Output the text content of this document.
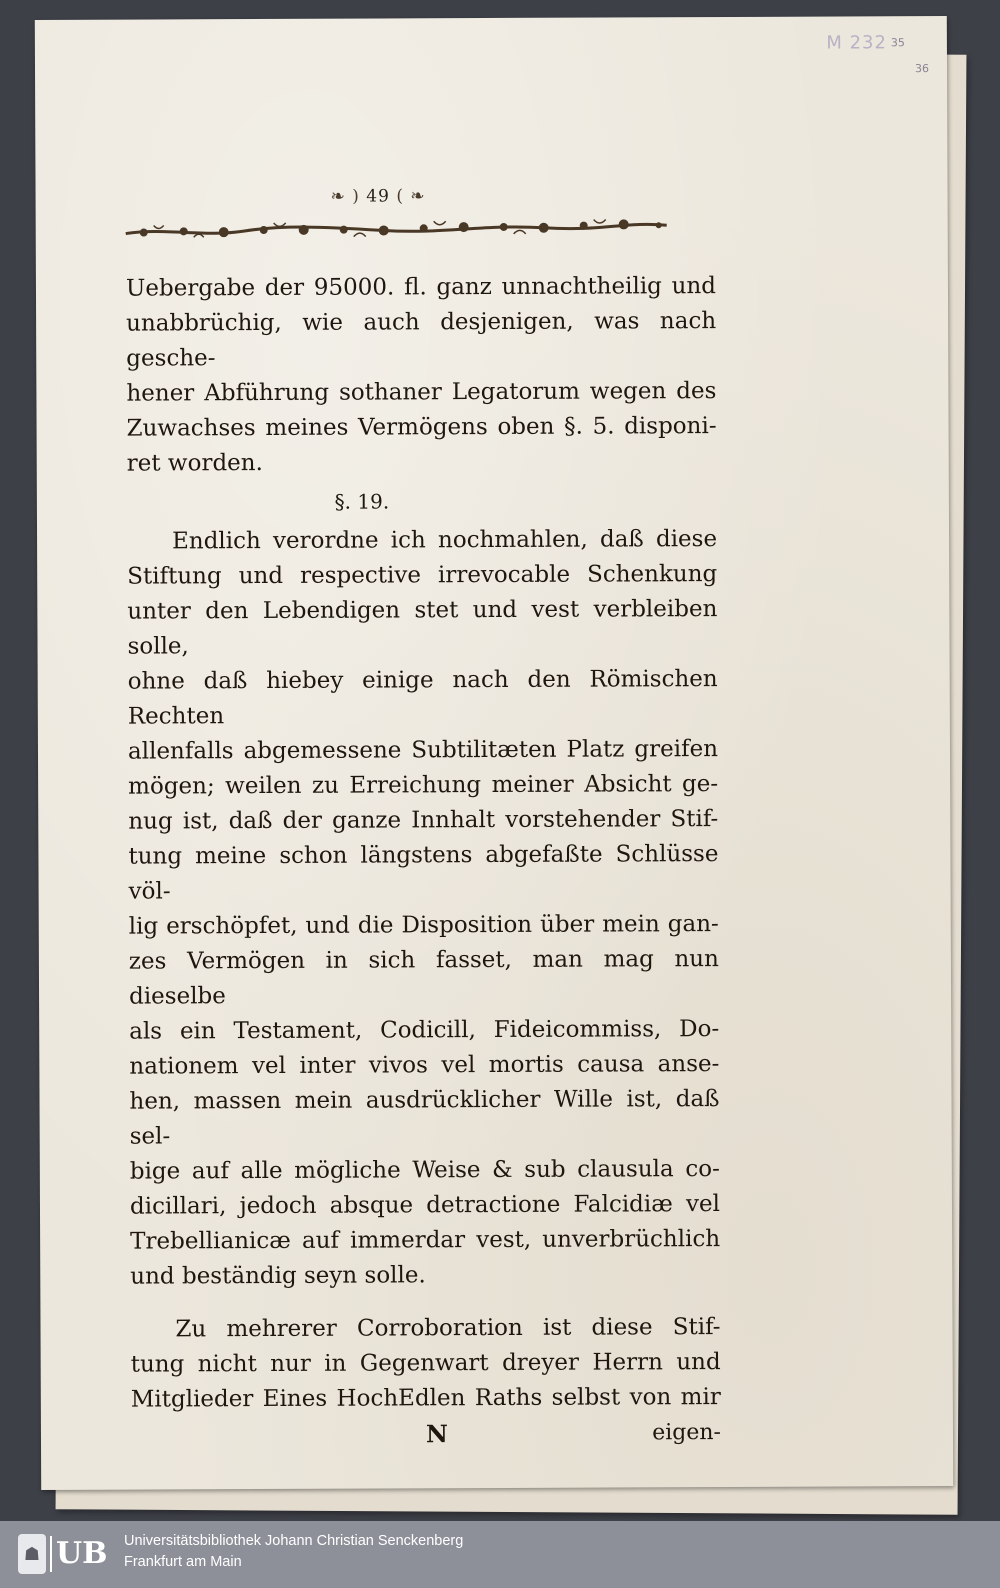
M 232 35
36
❧ ) 49 ( ❧

Uebergabe der 95000. fl. ganz unnachtheilig und
unabbrüchig, wie auch desjenigen, was nach gesche-
hener Abführung sothaner Legatorum wegen des
Zuwachses meines Vermögens oben §. 5. disponi-
ret worden.

§. 19.

Endlich verordne ich nochmahlen, daß diese
Stiftung und respective irrevocable Schenkung
unter den Lebendigen stet und vest verbleiben solle,
ohne daß hiebey einige nach den Römischen Rechten
allenfalls abgemessene Subtilitæten Platz greifen
mögen; weilen zu Erreichung meiner Absicht ge-
nug ist, daß der ganze Innhalt vorstehender Stif-
tung meine schon längstens abgefaßte Schlüsse völ-
lig erschöpfet, und die Disposition über mein gan-
zes Vermögen in sich fasset, man mag nun dieselbe
als ein Testament, Codicill, Fideicommiss, Do-
nationem vel inter vivos vel mortis causa anse-
hen, massen mein ausdrücklicher Wille ist, daß sel-
bige auf alle mögliche Weise & sub clausula co-
dicillari, jedoch absque detractione Falcidiæ vel
Trebellianicæ auf immerdar vest, unverbrüchlich
und beständig seyn solle.

Zu mehrerer Corroboration ist diese Stif-
tung nicht nur in Gegenwart dreyer Herrn und
Mitglieder Eines HochEdlen Raths selbst von mir

N	eigen-
☗ UB Universitätsbibliothek Johann Christian Senckenberg
Frankfurt am Main
